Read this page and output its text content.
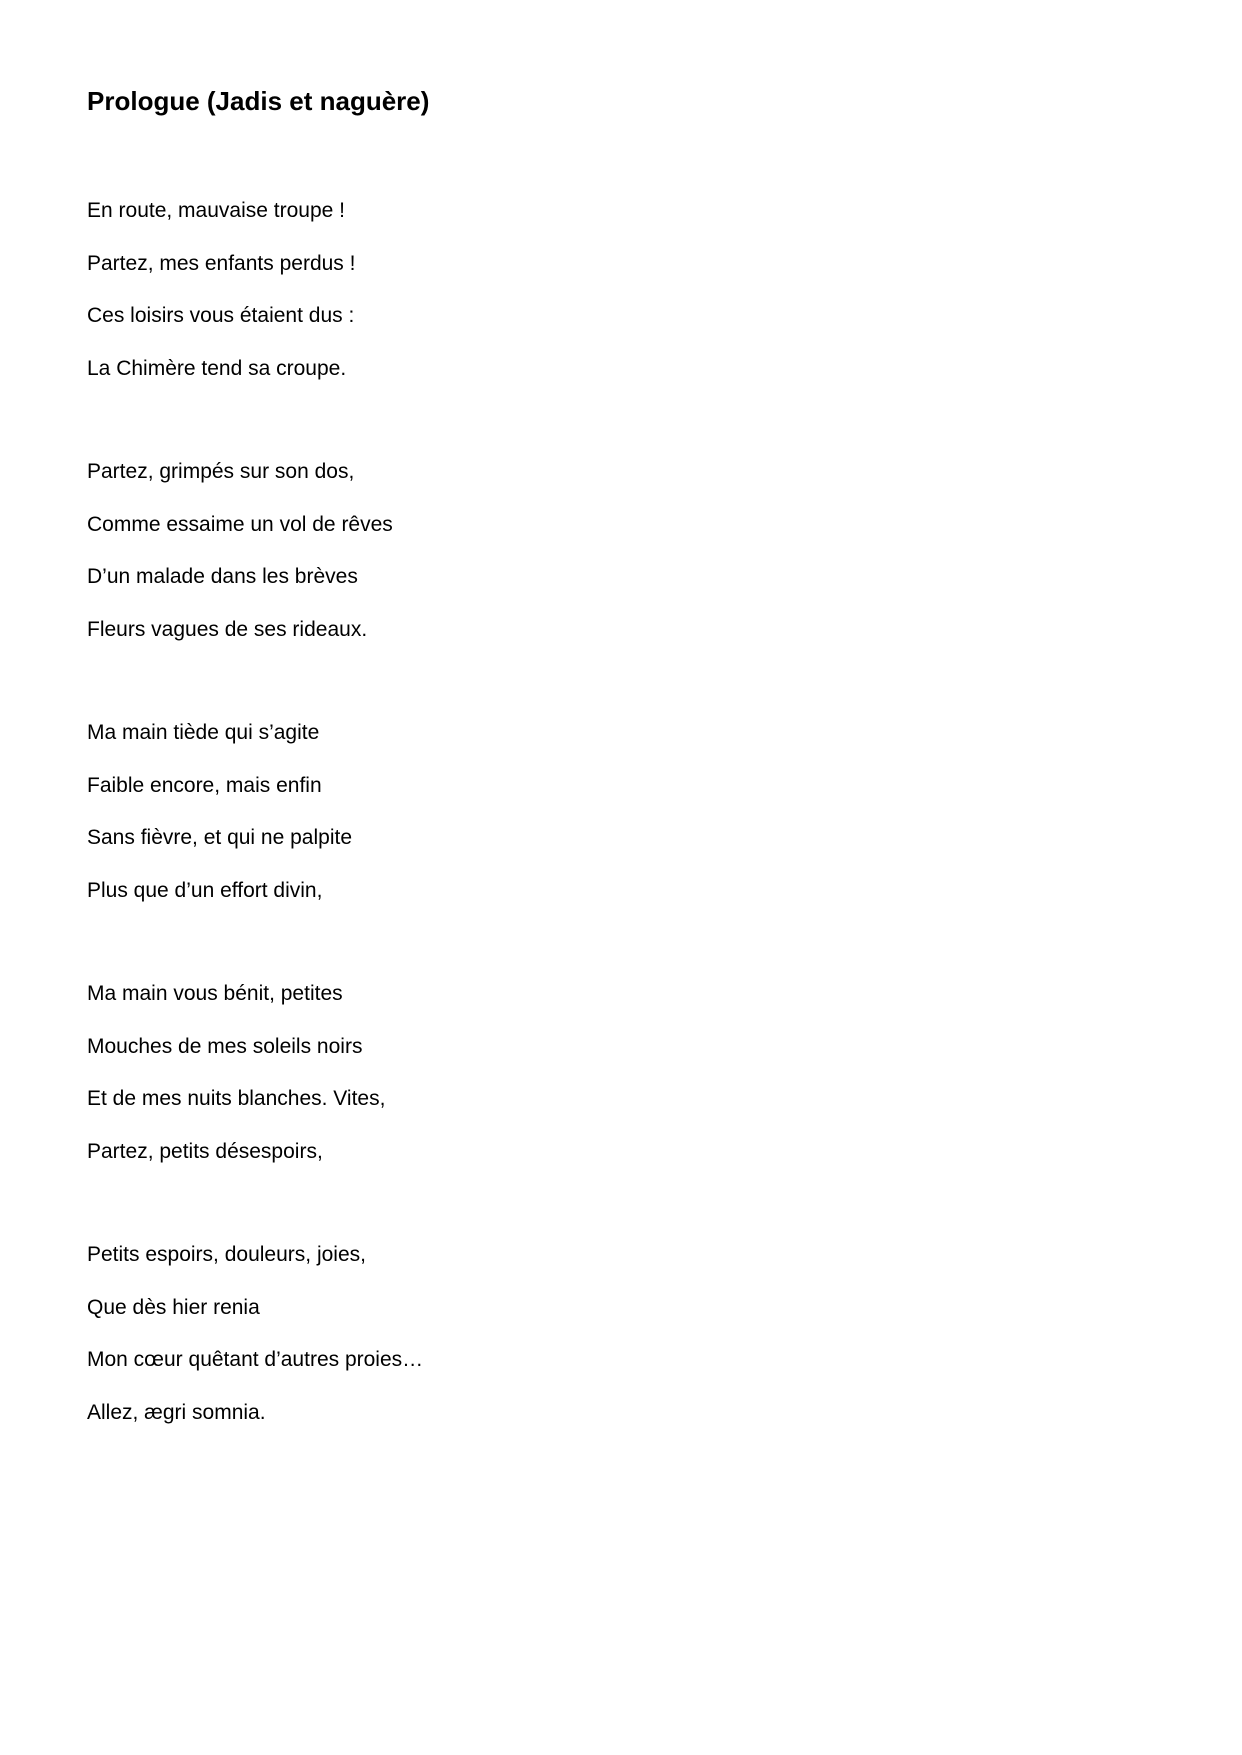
Prologue (Jadis et naguère)
En route, mauvaise troupe !
Partez, mes enfants perdus !
Ces loisirs vous étaient dus :
La Chimère tend sa croupe.
Partez, grimpés sur son dos,
Comme essaime un vol de rêves
D’un malade dans les brèves
Fleurs vagues de ses rideaux.
Ma main tiède qui s’agite
Faible encore, mais enfin
Sans fièvre, et qui ne palpite
Plus que d’un effort divin,
Ma main vous bénit, petites
Mouches de mes soleils noirs
Et de mes nuits blanches. Vites,
Partez, petits désespoirs,
Petits espoirs, douleurs, joies,
Que dès hier renia
Mon cœur quêtant d’autres proies…
Allez, ægri somnia.
